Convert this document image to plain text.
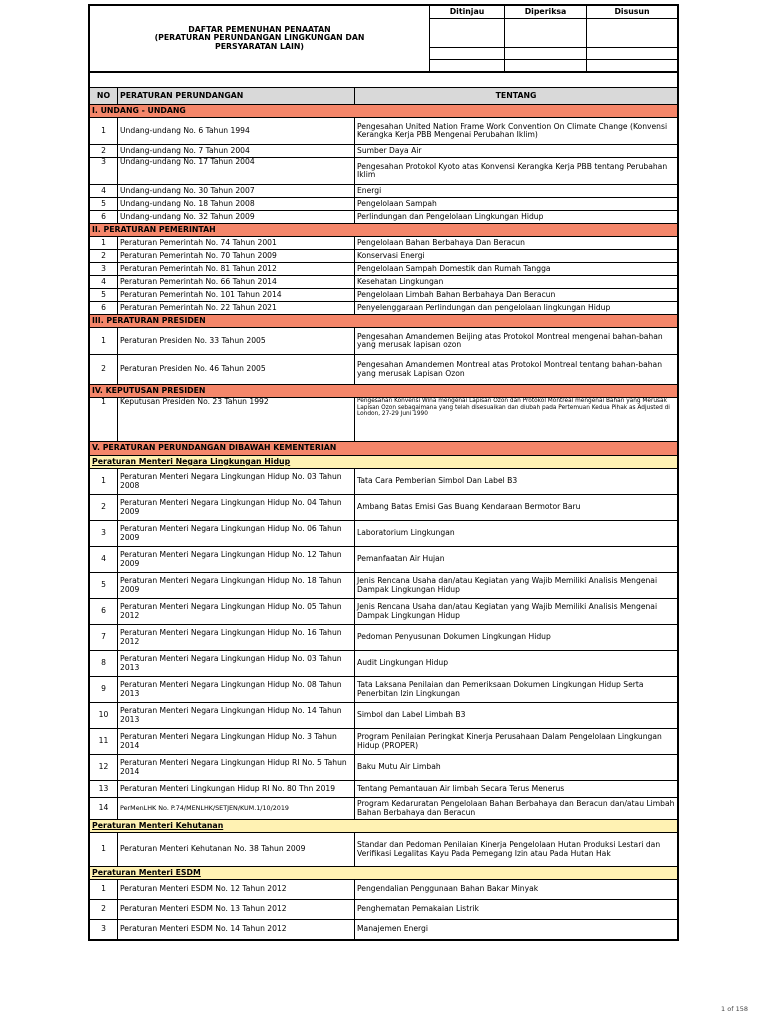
DAFTAR PEMENUHAN PENAATAN
(PERATURAN PERUNDANGAN LINGKUNGAN DAN
PERSYARATAN LAIN)	Ditinjau	Diperiksa	Disusun

NO	PERATURAN PERUNDANGAN	TENTANG
I. UNDANG - UNDANG		
1	Undang-undang No. 6 Tahun 1994	Pengesahan United Nation Frame Work Convention On Climate Change (Konvensi Kerangka Kerja PBB Mengenai Perubahan Iklim)
2	Undang-undang No. 7 Tahun 2004	Sumber Daya Air
3	Undang-undang No. 17 Tahun 2004	Pengesahan Protokol Kyoto atas Konvensi Kerangka Kerja PBB tentang Perubahan Iklim
4	Undang-undang No. 30 Tahun 2007	Energi
5	Undang-undang No. 18 Tahun 2008	Pengelolaan Sampah
6	Undang-undang No. 32 Tahun 2009	Perlindungan dan Pengelolaan Lingkungan Hidup
II. PERATURAN PEMERINTAH		
1	Peraturan Pemerintah No. 74 Tahun 2001	Pengelolaan Bahan Berbahaya Dan Beracun
2	Peraturan Pemerintah No. 70 Tahun 2009	Konservasi Energi
3	Peraturan Pemerintah No. 81 Tahun 2012	Pengelolaan Sampah Domestik dan Rumah Tangga
4	Peraturan Pemerintah No. 66 Tahun 2014	Kesehatan Lingkungan
5	Peraturan Pemerintah No. 101 Tahun 2014	Pengelolaan Limbah Bahan Berbahaya Dan Beracun
6	Peraturan Pemerintah No. 22 Tahun 2021	Penyelenggaraan Perlindungan dan pengelolaan lingkungan Hidup
III. PERATURAN PRESIDEN		
1	Peraturan Presiden No. 33 Tahun 2005	Pengesahan Amandemen Beijing atas Protokol Montreal mengenai bahan-bahan yang merusak lapisan ozon
2	Peraturan Presiden No. 46 Tahun 2005	Pengesahan Amandemen Montreal atas Protokol Montreal tentang bahan-bahan yang merusak Lapisan Ozon
IV. KEPUTUSAN PRESIDEN		
1	Keputusan Presiden No. 23 Tahun 1992	Pengesahan Konvensi Wina mengenai Lapisan Ozon dan Protokol Montreal mengenai Bahan yang Merusak Lapisan Ozon sebagaimana yang telah disesuaikan dan diubah pada Pertemuan Kedua Pihak as Adjusted di London, 27-29 Juni 1990
V. PERATURAN PERUNDANGAN DIBAWAH KEMENTERIAN		
Peraturan Menteri Negara Lingkungan Hidup		
1	Peraturan Menteri Negara Lingkungan Hidup No. 03 Tahun 2008	Tata Cara Pemberian Simbol Dan Label B3
2	Peraturan Menteri Negara Lingkungan Hidup No. 04 Tahun 2009	Ambang Batas Emisi Gas Buang Kendaraan Bermotor Baru
3	Peraturan Menteri Negara Lingkungan Hidup No. 06 Tahun 2009	Laboratorium Lingkungan
4	Peraturan Menteri Negara Lingkungan Hidup No. 12 Tahun 2009	Pemanfaatan Air Hujan
5	Peraturan Menteri Negara Lingkungan Hidup No. 18 Tahun 2009	Jenis Rencana Usaha dan/atau Kegiatan yang Wajib Memiliki Analisis Mengenai Dampak Lingkungan Hidup
6	Peraturan Menteri Negara Lingkungan Hidup No. 05 Tahun 2012	Jenis Rencana Usaha dan/atau Kegiatan yang Wajib Memiliki Analisis Mengenai Dampak Lingkungan Hidup
7	Peraturan Menteri Negara Lingkungan Hidup No. 16 Tahun 2012	Pedoman Penyusunan Dokumen Lingkungan Hidup
8	Peraturan Menteri Negara Lingkungan Hidup No. 03 Tahun 2013	Audit Lingkungan Hidup
9	Peraturan Menteri Negara Lingkungan Hidup No. 08 Tahun 2013	Tata Laksana Penilaian dan Pemeriksaan Dokumen Lingkungan Hidup Serta Penerbitan Izin Lingkungan
10	Peraturan Menteri Negara Lingkungan Hidup No. 14 Tahun 2013	Simbol dan Label Limbah B3
11	Peraturan Menteri Negara Lingkungan Hidup No. 3 Tahun 2014	Program Penilaian Peringkat Kinerja Perusahaan Dalam Pengelolaan Lingkungan Hidup (PROPER)
12	Peraturan Menteri Negara Lingkungan Hidup RI No. 5 Tahun 2014	Baku Mutu Air Limbah
13	Peraturan Menteri Lingkungan Hidup RI No. 80 Thn 2019	Tentang Pemantauan Air limbah Secara Terus Menerus
14	PerMenLHK No. P.74/MENLHK/SETJEN/KUM.1/10/2019	Program Kedaruratan Pengelolaan Bahan Berbahaya dan Beracun dan/atau Limbah Bahan Berbahaya dan Beracun
Peraturan Menteri Kehutanan		
1	Peraturan Menteri Kehutanan No. 38 Tahun 2009	Standar dan Pedoman Penilaian Kinerja Pengelolaan Hutan Produksi Lestari dan Verifikasi Legalitas Kayu Pada Pemegang Izin atau Pada Hutan Hak
Peraturan Menteri ESDM		
1	Peraturan Menteri ESDM No. 12 Tahun 2012	Pengendalian Penggunaan Bahan Bakar Minyak
2	Peraturan Menteri ESDM No. 13 Tahun 2012	Penghematan Pemakaian Listrik
3	Peraturan Menteri ESDM No. 14 Tahun 2012	Manajemen Energi
1 of 158
